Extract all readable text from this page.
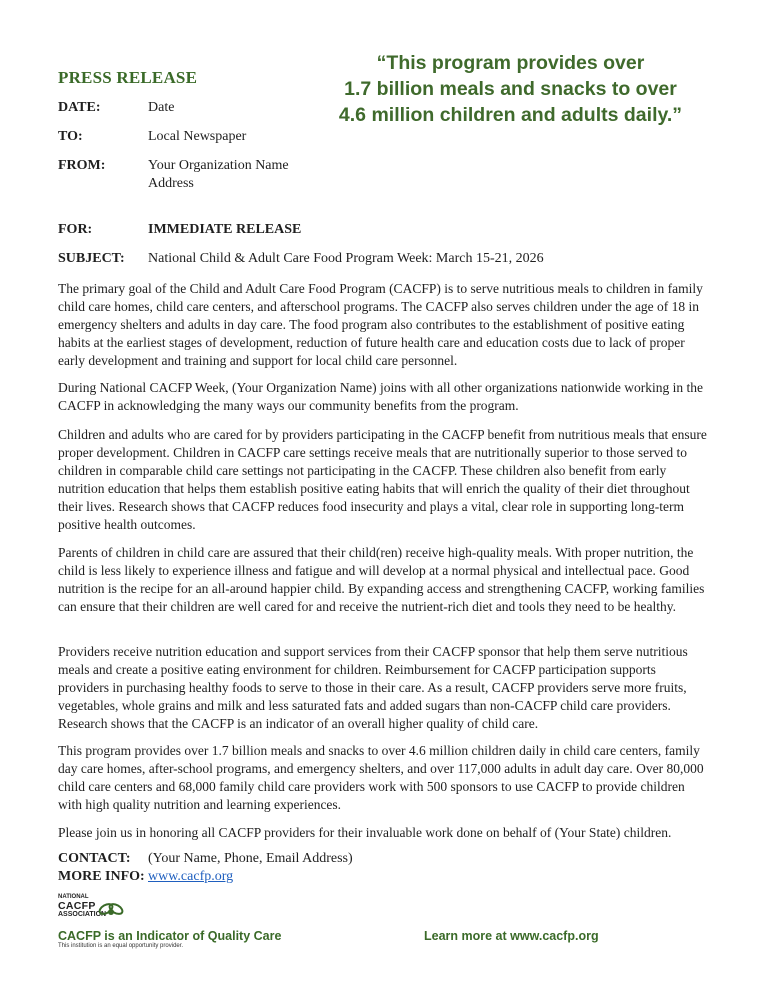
PRESS RELEASE
“This program provides over
1.7 billion meals and snacks to over
4.6 million children and adults daily.”
DATE:	Date
TO:	Local Newspaper
FROM:	Your Organization Name
Address
FOR:	IMMEDIATE RELEASE
SUBJECT: National Child & Adult Care Food Program Week: March 15-21, 2026
The primary goal of the Child and Adult Care Food Program (CACFP) is to serve nutritious meals to children in family child care homes, child care centers, and afterschool programs. The CACFP also serves children under the age of 18 in emergency shelters and adults in day care. The food program also contributes to the establishment of positive eating habits at the earliest stages of development, reduction of future health care and education costs due to lack of proper early development and training and support for local child care personnel.
During National CACFP Week, (Your Organization Name) joins with all other organizations nationwide working in the CACFP in acknowledging the many ways our community benefits from the program.
Children and adults who are cared for by providers participating in the CACFP benefit from nutritious meals that ensure proper development. Children in CACFP care settings receive meals that are nutritionally superior to those served to children in comparable child care settings not participating in the CACFP. These children also benefit from early nutrition education that helps them establish positive eating habits that will enrich the quality of their diet throughout their lives. Research shows that CACFP reduces food insecurity and plays a vital, clear role in supporting long-term positive health outcomes.
Parents of children in child care are assured that their child(ren) receive high-quality meals. With proper nutrition, the child is less likely to experience illness and fatigue and will develop at a normal physical and intellectual pace. Good nutrition is the recipe for an all-around happier child. By expanding access and strengthening CACFP, working families can ensure that their children are well cared for and receive the nutrient-rich diet and tools they need to be healthy.
Providers receive nutrition education and support services from their CACFP sponsor that help them serve nutritious meals and create a positive eating environment for children. Reimbursement for CACFP participation supports providers in purchasing healthy foods to serve to those in their care. As a result, CACFP providers serve more fruits, vegetables, whole grains and milk and less saturated fats and added sugars than non-CACFP child care providers. Research shows that the CACFP is an indicator of an overall higher quality of child care.
This program provides over 1.7 billion meals and snacks to over 4.6 million children daily in child care centers, family day care homes, after-school programs, and emergency shelters, and over 117,000 adults in adult day care. Over 80,000 child care centers and 68,000 family child care providers work with 500 sponsors to use CACFP to provide children with high quality nutrition and learning experiences.
Please join us in honoring all CACFP providers for their invaluable work done on behalf of (Your State) children.
CONTACT: (Your Name, Phone, Email Address)
MORE INFO: www.cacfp.org
NATIONAL
CACFP
ASSOCIATION
CACFP is an Indicator of Quality Care
This institution is an equal opportunity provider.
Learn more at www.cacfp.org
